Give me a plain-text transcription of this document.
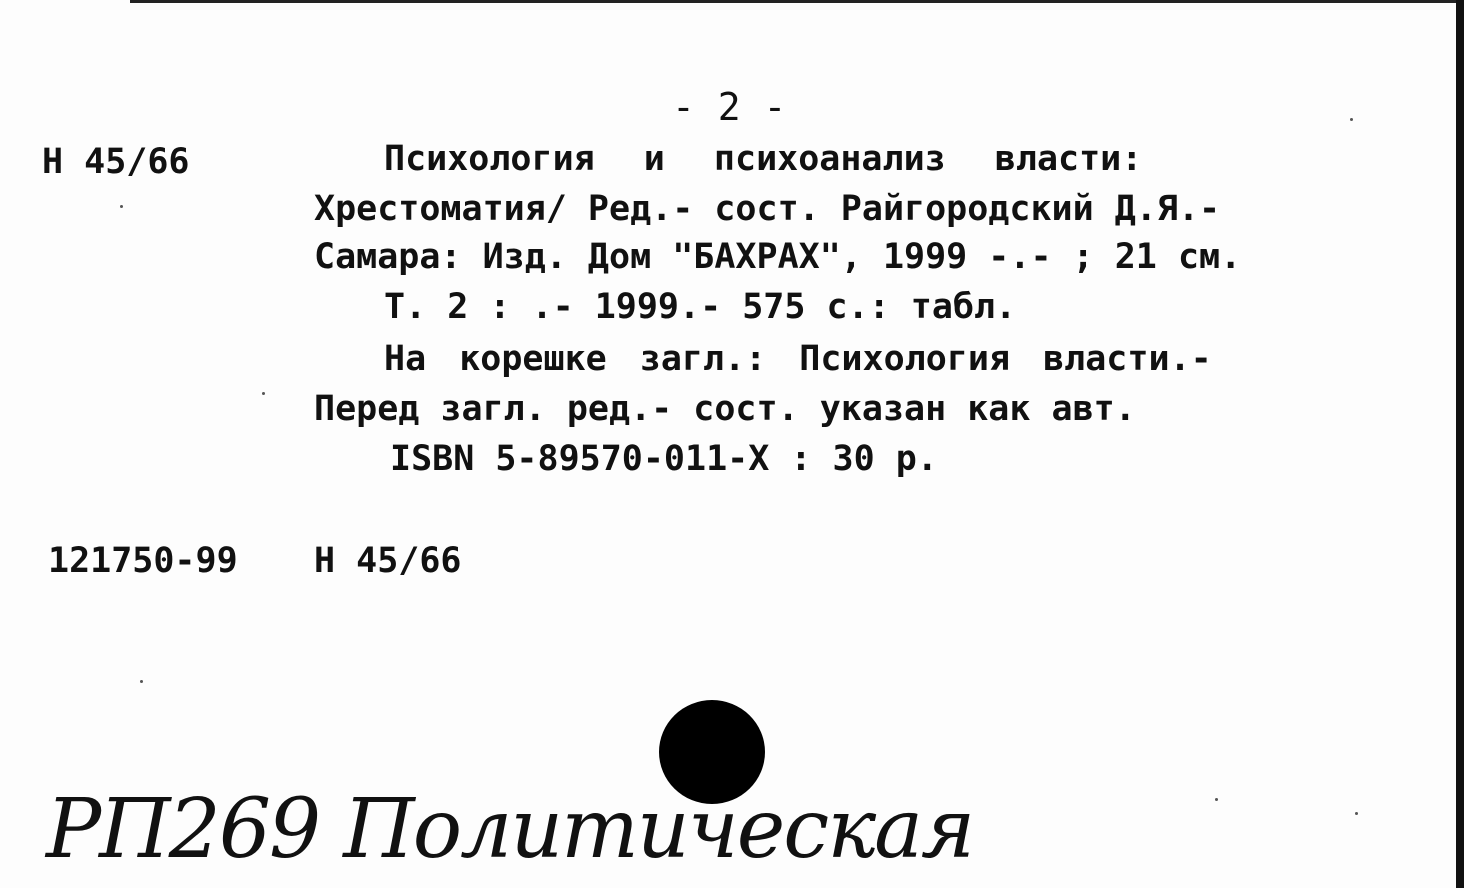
- 2 -
Н 45/66	Психология и психоанализ власти:
Хрестоматия/ Ред.- сост. Райгородский Д.Я.-
Самара: Изд. Дом "БАХРАХ", 1999 -.- ; 21 см.
Т. 2 : .- 1999.- 575 с.: табл.
На корешке загл.: Психология власти.-
Перед загл. ред.- сост. указан как авт.
ISBN 5-89570-011-X : 30 р.
121750-99 Н 45/66
РП269 Политическая
